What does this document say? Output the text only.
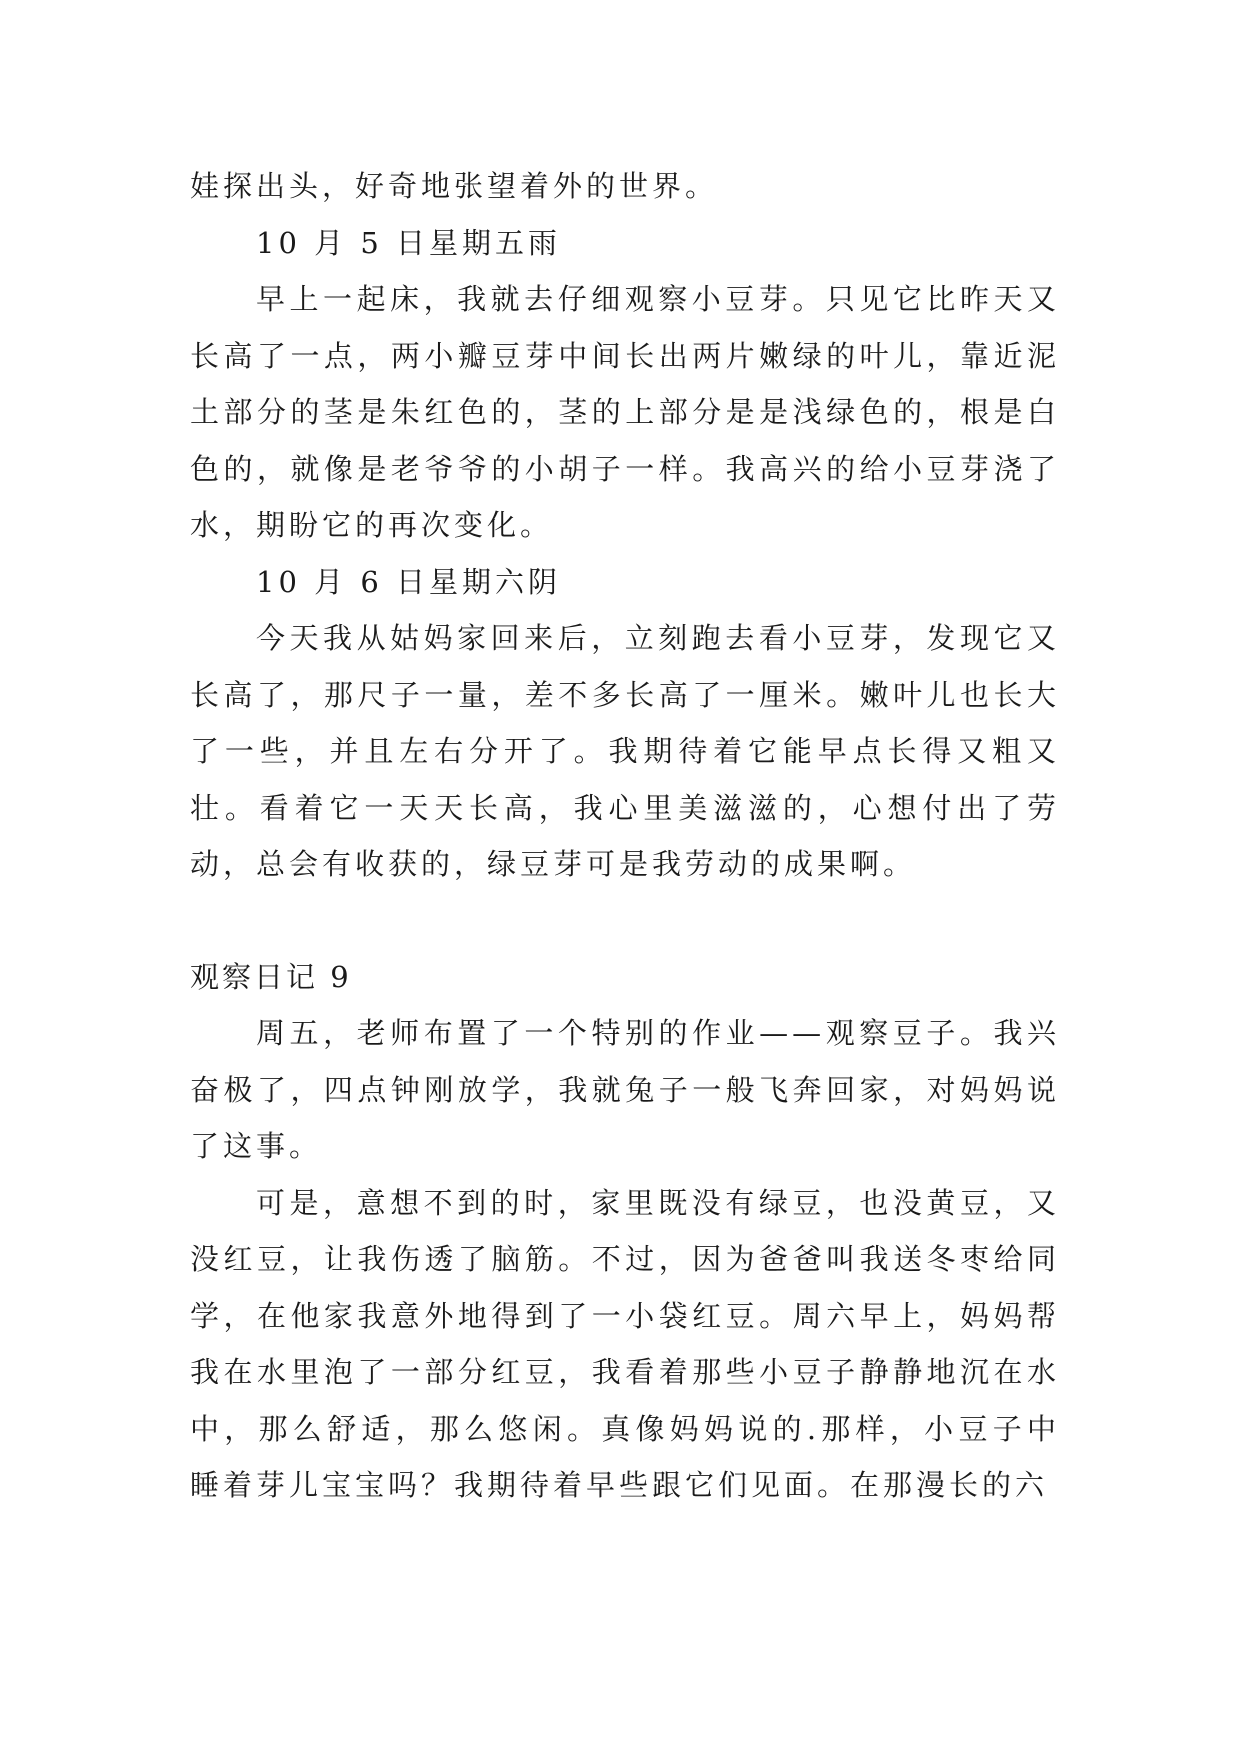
娃探出头，好奇地张望着外的世界。

10 月 5 日星期五雨

早上一起床，我就去仔细观察小豆芽。只见它比昨天又长高了一点，两小瓣豆芽中间长出两片嫩绿的叶儿，靠近泥土部分的茎是朱红色的，茎的上部分是是浅绿色的，根是白色的，就像是老爷爷的小胡子一样。我高兴的给小豆芽浇了水，期盼它的再次变化。

10 月 6 日星期六阴

今天我从姑妈家回来后，立刻跑去看小豆芽，发现它又长高了，那尺子一量，差不多长高了一厘米。嫩叶儿也长大了一些，并且左右分开了。我期待着它能早点长得又粗又壮。看着它一天天长高，我心里美滋滋的，心想付出了劳动，总会有收获的，绿豆芽可是我劳动的成果啊。

观察日记 9

周五，老师布置了一个特别的作业——观察豆子。我兴奋极了，四点钟刚放学，我就兔子一般飞奔回家，对妈妈说了这事。

可是，意想不到的时，家里既没有绿豆，也没黄豆，又没红豆，让我伤透了脑筋。不过，因为爸爸叫我送冬枣给同学，在他家我意外地得到了一小袋红豆。周六早上，妈妈帮我在水里泡了一部分红豆，我看着那些小豆子静静地沉在水中，那么舒适，那么悠闲。真像妈妈说的.那样，小豆子中睡着芽儿宝宝吗？我期待着早些跟它们见面。在那漫长的六
